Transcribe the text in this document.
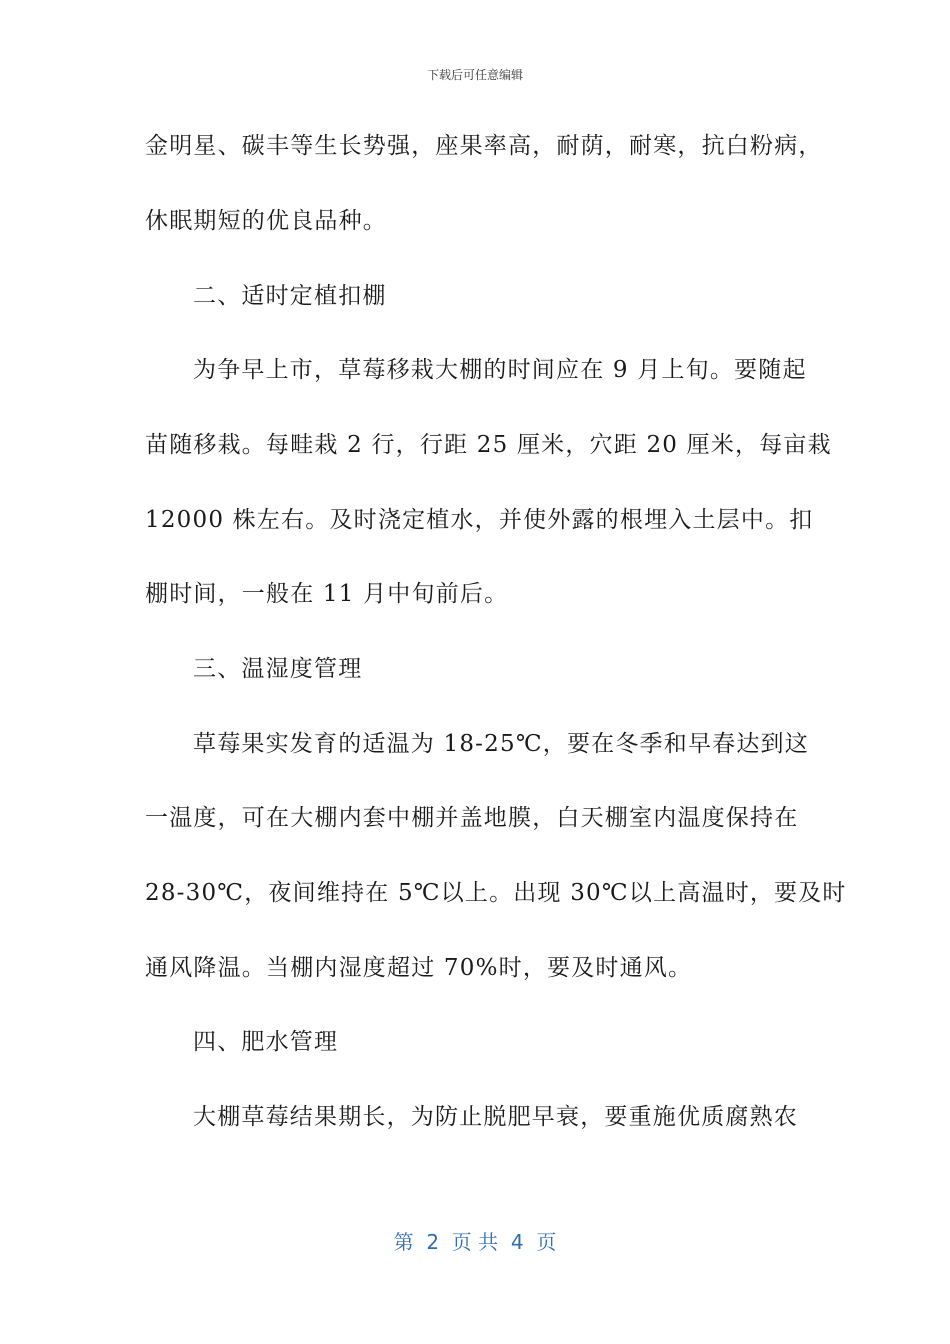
下载后可任意编辑
金明星、碳丰等生长势强，座果率高，耐荫，耐寒，抗白粉病，
休眠期短的优良品种。
二、适时定植扣棚
为争早上市，草莓移栽大棚的时间应在 9 月上旬。要随起
苗随移栽。每畦栽 2 行，行距 25 厘米，穴距 20 厘米，每亩栽
12000 株左右。及时浇定植水，并使外露的根埋入土层中。扣
棚时间，一般在 11 月中旬前后。
三、温湿度管理
草莓果实发育的适温为 18-25℃，要在冬季和早春达到这
一温度，可在大棚内套中棚并盖地膜，白天棚室内温度保持在
28-30℃，夜间维持在 5℃以上。出现 30℃以上高温时，要及时
通风降温。当棚内湿度超过 70%时，要及时通风。
四、肥水管理
大棚草莓结果期长，为防止脱肥早衰，要重施优质腐熟农
第  2  页 共  4  页
